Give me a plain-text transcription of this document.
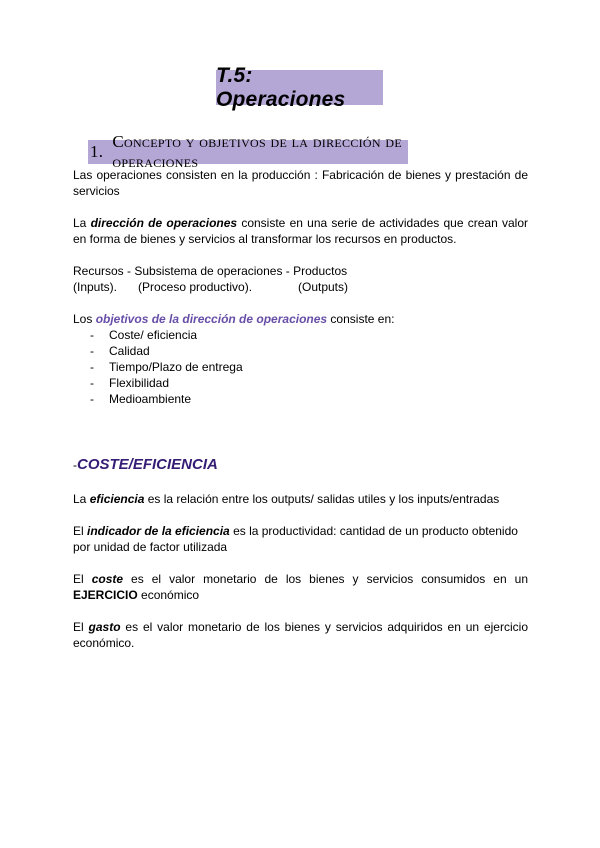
T.5: Operaciones
1.
Concepto y objetivos de la dirección de operaciones

Las operaciones consisten en la producción : Fabricación de bienes y prestación de servicios

La dirección de operaciones consiste en una serie de actividades que crean valor en forma de bienes y servicios al transformar los recursos en productos.

Recursos - Subsistema de operaciones - Productos
(Inputs). (Proceso productivo).	(Outputs)

Los objetivos de la dirección de operaciones consiste en:

- Coste/ eficiencia
- Calidad
- Tiempo/Plazo de entrega
- Flexibilidad
- Medioambiente
-COSTE/EFICIENCIA

La eficiencia es la relación entre los outputs/ salidas utiles y los inputs/entradas

El indicador de la eficiencia es la productividad: cantidad de un producto obtenido por unidad de factor utilizada

El coste es el valor monetario de los bienes y servicios consumidos en un EJERCICIO económico

El gasto es el valor monetario de los bienes y servicios adquiridos en un ejercicio económico.
